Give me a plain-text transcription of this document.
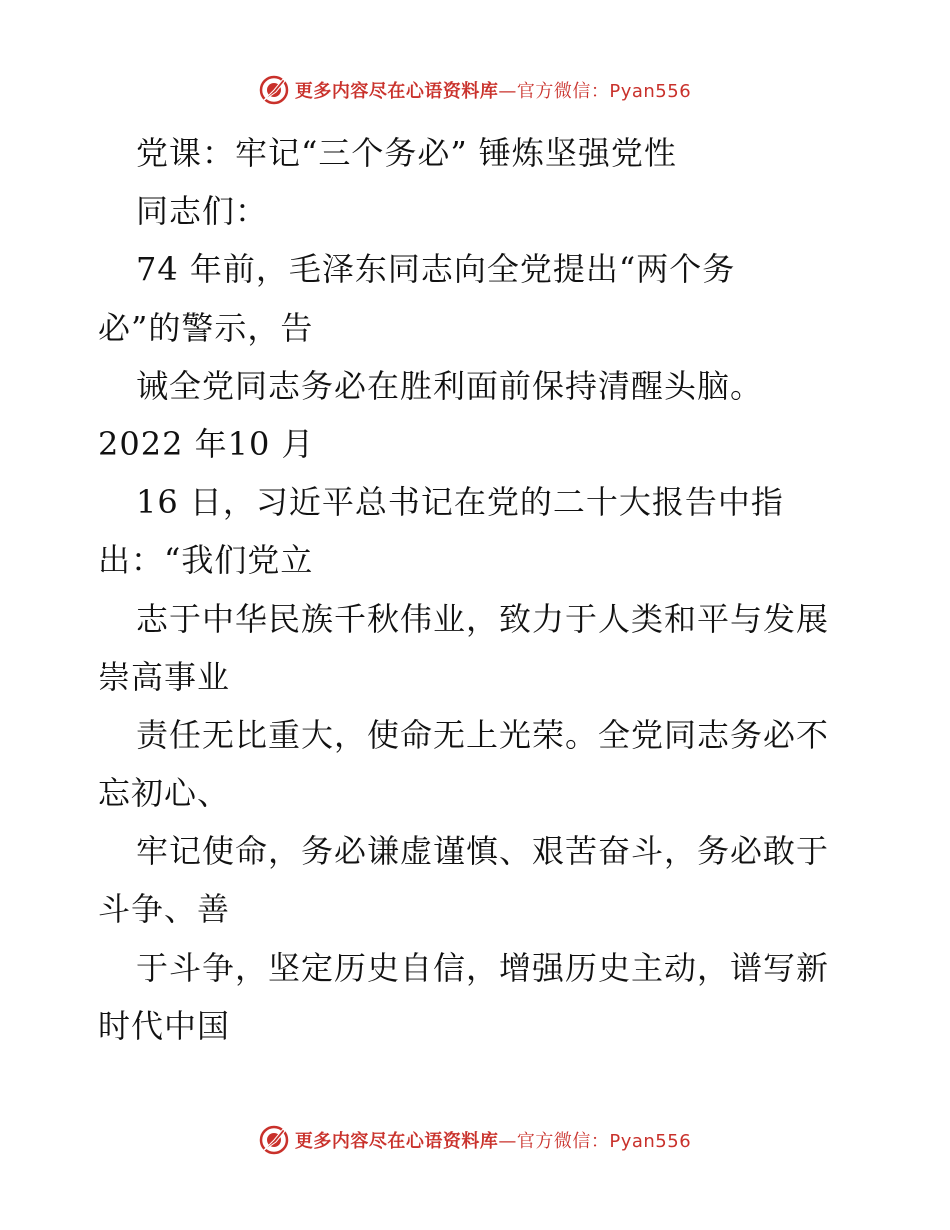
更多内容尽在心语资料库—官方微信：Pyan556
党课：牢记“三个务必” 锤炼坚强党性
同志们：
74 年前，毛泽东同志向全党提出“两个务
必”的警示，告
诫全党同志务必在胜利面前保持清醒头脑。
2022 年10 月
16 日，习近平总书记在党的二十大报告中指
出：“我们党立
志于中华民族千秋伟业，致力于人类和平与发展
崇高事业
责任无比重大，使命无上光荣。全党同志务必不
忘初心、
牢记使命，务必谦虚谨慎、艰苦奋斗，务必敢于
斗争、善
于斗争，坚定历史自信，增强历史主动，谱写新
时代中国
更多内容尽在心语资料库—官方微信：Pyan556
